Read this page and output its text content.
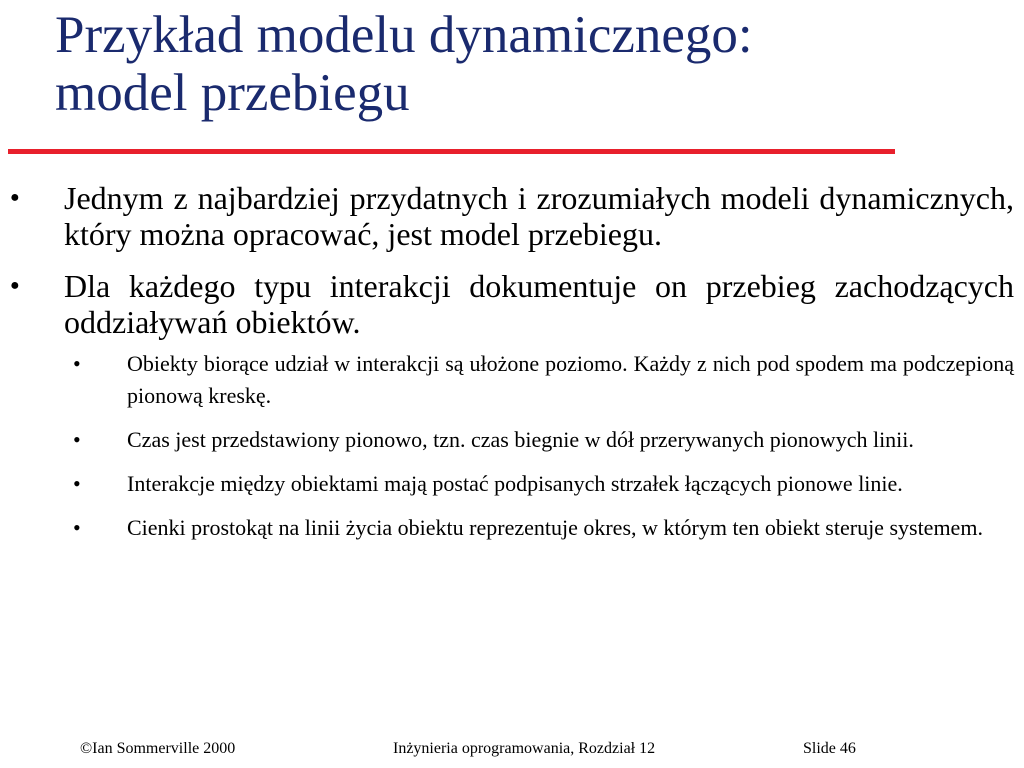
Przykład modelu dynamicznego:
model przebiegu
● Jednym z najbardziej przydatnych i zrozumiałych modeli dynamicznych, który można opracować, jest model przebiegu.
● Dla każdego typu interakcji dokumentuje on przebieg zachodzących oddziaływań obiektów.
• Obiekty biorące udział w interakcji są ułożone poziomo. Każdy z nich pod spodem ma podczepioną pionową kreskę.
• Czas jest przedstawiony pionowo, tzn. czas biegnie w dół przerywanych pionowych linii.
• Interakcje między obiektami mają postać podpisanych strzałek łączących pionowe linie.
• Cienki prostokąt na linii życia obiektu reprezentuje okres, w którym ten obiekt steruje systemem.
©Ian Sommerville 2000	Inżynieria oprogramowania, Rozdział 12	Slide 46
